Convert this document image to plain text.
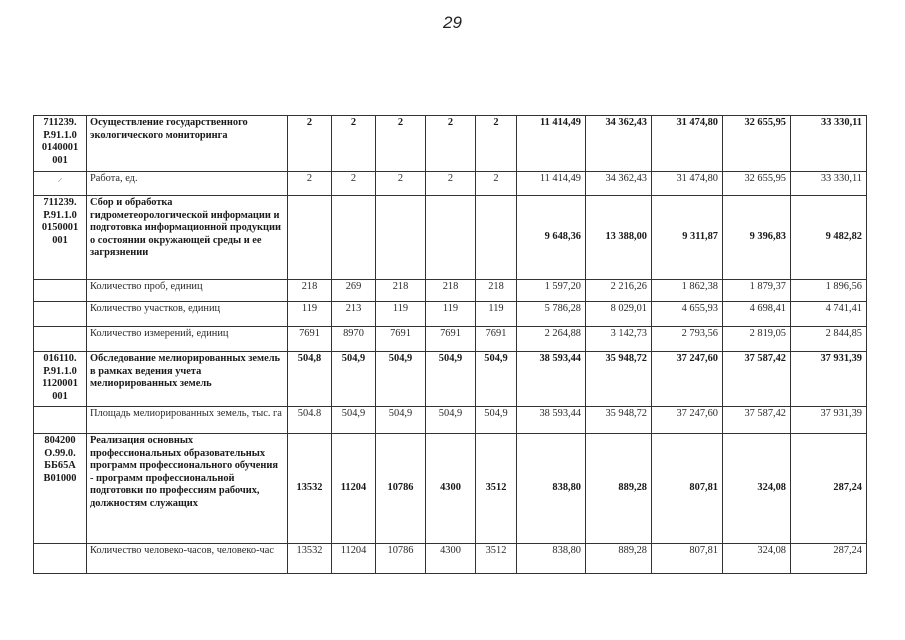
29
711239.
Р.91.1.0
0140001
001	Осуществление государственного экологического мониторинга	2	2	2	2	2	11 414,49	34 362,43	31 474,80	32 655,95	33 330,11
⸝	Работа, ед.	2	2	2	2	2	11 414,49	34 362,43	31 474,80	32 655,95	33 330,11

711239.
Р.91.1.0
0150001
001	Сбор и обработка гидрометеорологической информации и подготовка информационной продукции о состоянии окружающей среды и ее загрязнении						9 648,36	13 388,00	9 311,87	9 396,83	9 482,82
	Количество проб, единиц	218	269	218	218	218	1 597,20	2 216,26	1 862,38	1 879,37	1 896,56
	Количество участков, единиц	119	213	119	119	119	5 786,28	8 029,01	4 655,93	4 698,41	4 741,41
	Количество измерений, единиц	7691	8970	7691	7691	7691	2 264,88	3 142,73	2 793,56	2 819,05	2 844,85

016110.
Р.91.1.0
1120001
001	Обследование мелиорированных земель в рамках ведения учета мелиорированных земель	504,8	504,9	504,9	504,9	504,9	38 593,44	35 948,72	37 247,60	37 587,42	37 931,39
	Площадь мелиорированных земель, тыс. га	504.8	504,9	504,9	504,9	504,9	38 593,44	35 948,72	37 247,60	37 587,42	37 931,39

804200
О.99.0.
ББ65А
В01000	Реализация основных профессиональных образовательных программ профессионального обучения - программ профессиональной подготовки по профессиям рабочих, должностям служащих	13532	11204	10786	4300	3512	838,80	889,28	807,81	324,08	287,24
	Количество человеко-часов, человеко-час	13532	11204	10786	4300	3512	838,80	889,28	807,81	324,08	287,24
